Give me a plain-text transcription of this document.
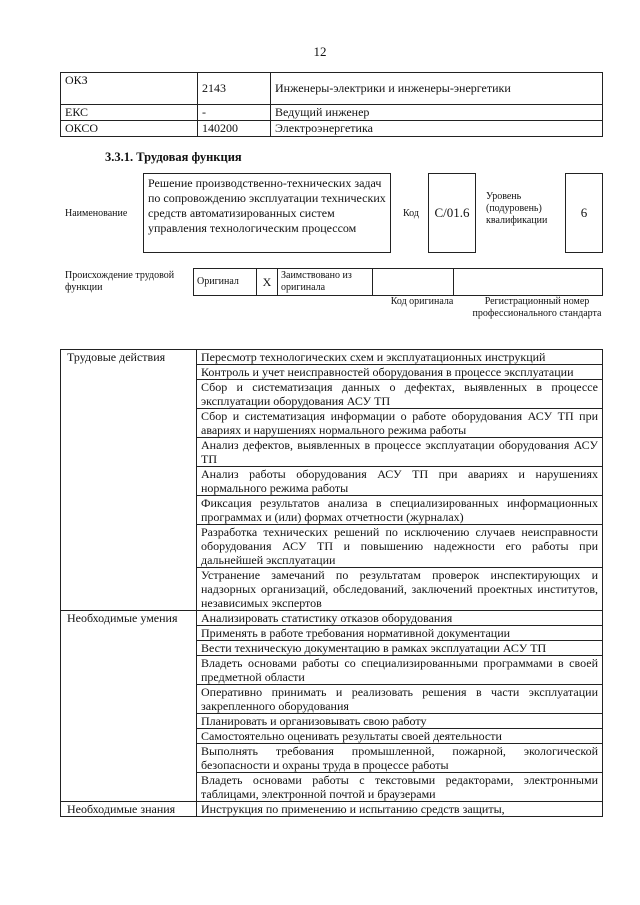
12
ОКЗ	2143	Инженеры-электрики и инженеры-энергетики
ЕКС	-	Ведущий инженер
ОКСО	140200	Электроэнергетика
3.3.1. Трудовая функция
Наименование
Решение производственно-технических задач по сопровождению эксплуатации технических средств автоматизированных систем управления технологическим процессом
Код	С/01.6
Уровень (подуровень) квалификации
6
Происхождение трудовой функции
Оригинал	X	Заимствовано из оригинала		
Код оригинала	Регистрационный номер профессионального стандарта
Трудовые действия	Пересмотр технологических схем и эксплуатационных инструкций
	Контроль и учет неисправностей оборудования в процессе эксплуатации
	Сбор и систематизация данных о дефектах, выявленных в процессе эксплуатации оборудования АСУ ТП
	Сбор и систематизация информации о работе оборудования АСУ ТП при авариях и нарушениях нормального режима работы
	Анализ дефектов, выявленных в процессе эксплуатации оборудования АСУ ТП
	Анализ работы оборудования АСУ ТП при авариях и нарушениях нормального режима работы
	Фиксация результатов анализа в специализированных информационных программах и (или) формах отчетности (журналах)
	Разработка технических решений по исключению случаев неисправности оборудования АСУ ТП и повышению надежности его работы при дальнейшей эксплуатации
	Устранение замечаний по результатам проверок инспектирующих и надзорных организаций, обследований, заключений проектных институтов, независимых экспертов
Необходимые умения	Анализировать статистику отказов оборудования
	Применять в работе требования нормативной документации
	Вести техническую документацию в рамках эксплуатации АСУ ТП
	Владеть основами работы со специализированными программами в своей предметной области
	Оперативно принимать и реализовать решения в части эксплуатации закрепленного оборудования
	Планировать и организовывать свою работу
	Самостоятельно оценивать результаты своей деятельности
	Выполнять требования промышленной, пожарной, экологической безопасности и охраны труда в процессе работы
	Владеть основами работы с текстовыми редакторами, электронными таблицами, электронной почтой и браузерами
Необходимые знания	Инструкция по применению и испытанию средств защиты,
